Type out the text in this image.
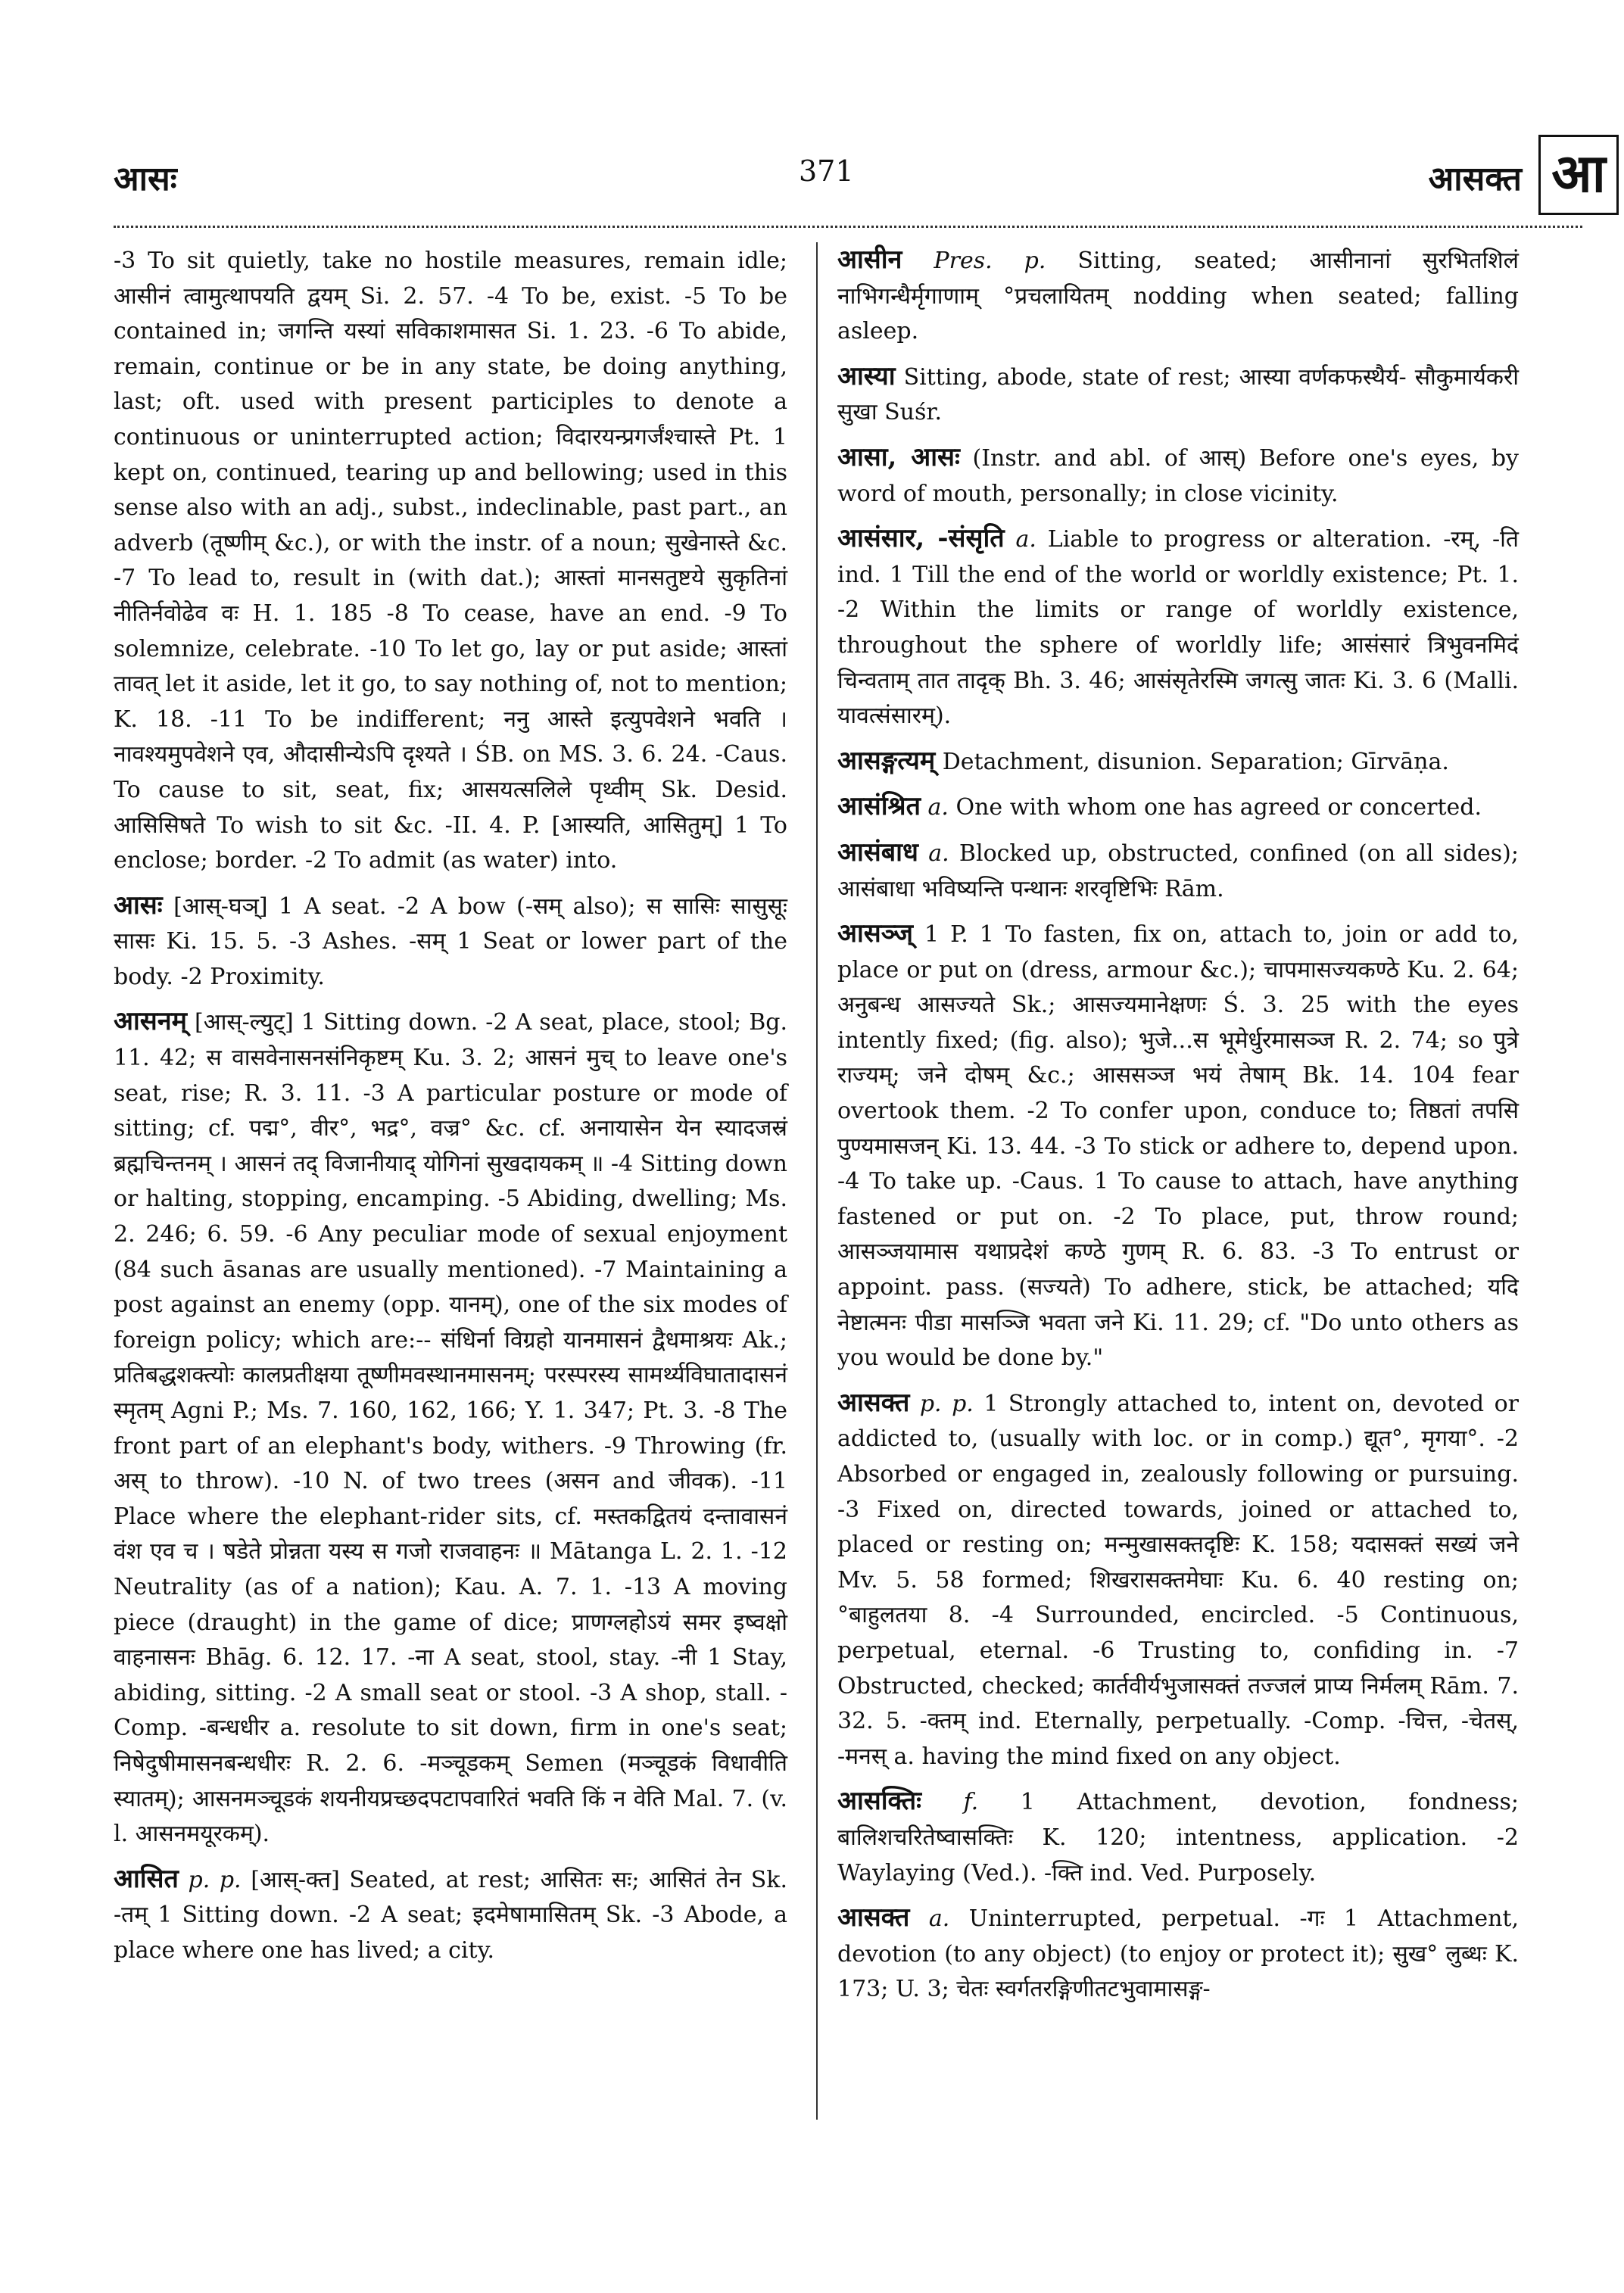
आसः	371	आसक्त आ

-3 To sit quietly, take no hostile measures, remain idle; आसीनं त्वामुत्थापयति द्वयम् Si. 2. 57. -4 To be, exist. -5 To be contained in; जगन्ति यस्यां सविकाशमासत Si. 1. 23. -6 To abide, remain, continue or be in any state, be doing anything, last; oft. used with present participles to denote a continuous or uninterrupted action; विदारयन्प्रगर्जंश्चास्ते Pt. 1 kept on, continued, tearing up and bellowing; used in this sense also with an adj., subst., indeclinable, past part., an adverb (तूष्णीम् &c.), or with the instr. of a noun; सुखेनास्ते &c. -7 To lead to, result in (with dat.); आस्तां मानसतुष्टये सुकृतिनां नीतिर्नवोढेव वः H. 1. 185 -8 To cease, have an end. -9 To solemnize, celebrate. -10 To let go, lay or put aside; आस्तां तावत् let it aside, let it go, to say nothing of, not to mention; K. 18. -11 To be indifferent; ननु आस्ते इत्युपवेशने भवति । नावश्यमुपवेशने एव, औदासीन्येऽपि दृश्यते । ŚB. on MS. 3. 6. 24. -Caus. To cause to sit, seat, fix; आसयत्सलिले पृथ्वीम् Sk. Desid. आसिसिषते To wish to sit &c. -II. 4. P. [आस्यति, आसितुम्] 1 To enclose; border. -2 To admit (as water) into.

आसः [आस्-घञ्] 1 A seat. -2 A bow (-सम् also); स सासिः सासुसूः सासः Ki. 15. 5. -3 Ashes. -सम् 1 Seat or lower part of the body. -2 Proximity.

आसनम् [आस्-ल्युट्] 1 Sitting down. -2 A seat, place, stool; Bg. 11. 42; स वासवेनासनसंनिकृष्टम् Ku. 3. 2; आसनं मुच् to leave one's seat, rise; R. 3. 11. -3 A particular posture or mode of sitting; cf. पद्म°, वीर°, भद्र°, वज्र° &c. cf. अनायासेन येन स्यादजस्रं ब्रह्मचिन्तनम् । आसनं तद् विजानीयाद् योगिनां सुखदायकम् ॥ -4 Sitting down or halting, stopping, encamping. -5 Abiding, dwelling; Ms. 2. 246; 6. 59. -6 Any peculiar mode of sexual enjoyment (84 such āsanas are usually mentioned). -7 Maintaining a post against an enemy (opp. यानम्), one of the six modes of foreign policy; which are:-- संधिर्ना विग्रहो यानमासनं द्वैधमाश्रयः Ak.; प्रतिबद्धशक्त्योः कालप्रतीक्षया तूष्णीमवस्थानमासनम्; परस्परस्य सामर्थ्यविघातादासनं स्मृतम् Agni P.; Ms. 7. 160, 162, 166; Y. 1. 347; Pt. 3. -8 The front part of an elephant's body, withers. -9 Throwing (fr. अस् to throw). -10 N. of two trees (असन and जीवक). -11 Place where the elephant-rider sits, cf. मस्तकद्वितयं दन्तावासनं वंश एव च । षडेते प्रोन्नता यस्य स गजो राजवाहनः ॥ Mātanga L. 2. 1. -12 Neutrality (as of a nation); Kau. A. 7. 1. -13 A moving piece (draught) in the game of dice; प्राणग्लहोऽयं समर इष्वक्षो वाहनासनः Bhāg. 6. 12. 17. -ना A seat, stool, stay. -नी 1 Stay, abiding, sitting. -2 A small seat or stool. -3 A shop, stall. -Comp. -बन्धधीर a. resolute to sit down, firm in one's seat; निषेदुषीमासनबन्धधीरः R. 2. 6. -मञ्चूडकम् Semen (मञ्चूडकं विधावीति स्यातम्); आसनमञ्चूडकं शयनीयप्रच्छदपटापवारितं भवति किं न वेति Mal. 7. (v. l. आसनमयूरकम्).

आसित p. p. [आस्-क्त] Seated, at rest; आसितः सः; आसितं तेन Sk. -तम् 1 Sitting down. -2 A seat; इदमेषामासितम् Sk. -3 Abode, a place where one has lived; a city.

आसीन Pres. p. Sitting, seated; आसीनानां सुरभितशिलं नाभिगन्धैर्मृगाणाम् °प्रचलायितम् nodding when seated; falling asleep.

आस्या Sitting, abode, state of rest; आस्या वर्णकफस्थैर्य- सौकुमार्यकरी सुखा Suśr.

आसा, आसः (Instr. and abl. of आस्) Before one's eyes, by word of mouth, personally; in close vicinity.

आसंसार, -संसृति a. Liable to progress or alteration. -रम्, -ति ind. 1 Till the end of the world or worldly existence; Pt. 1. -2 Within the limits or range of worldly existence, throughout the sphere of worldly life; आसंसारं त्रिभुवनमिदं चिन्वताम् तात तादृक् Bh. 3. 46; आसंसृतेरस्मि जगत्सु जातः Ki. 3. 6 (Malli. यावत्संसारम्).

आसङ्गत्यम् Detachment, disunion. Separation; Gīrvāṇa.

आसंश्रित a. One with whom one has agreed or concerted.

आसंबाध a. Blocked up, obstructed, confined (on all sides); आसंबाधा भविष्यन्ति पन्थानः शरवृष्टिभिः Rām.

आसञ्ज् 1 P. 1 To fasten, fix on, attach to, join or add to, place or put on (dress, armour &c.); चापमासज्यकण्ठे Ku. 2. 64; अनुबन्ध आसज्यते Sk.; आसज्यमानेक्षणः Ś. 3. 25 with the eyes intently fixed; (fig. also); भुजे...स भूमेर्धुरमासञ्ज R. 2. 74; so पुत्रे राज्यम्; जने दोषम् &c.; आससञ्ज भयं तेषाम् Bk. 14. 104 fear overtook them. -2 To confer upon, conduce to; तिष्ठतां तपसि पुण्यमासजन् Ki. 13. 44. -3 To stick or adhere to, depend upon. -4 To take up. -Caus. 1 To cause to attach, have anything fastened or put on. -2 To place, put, throw round; आसञ्जयामास यथाप्रदेशं कण्ठे गुणम् R. 6. 83. -3 To entrust or appoint. pass. (सज्यते) To adhere, stick, be attached; यदि नेष्टात्मनः पीडा मासञ्जि भवता जने Ki. 11. 29; cf. "Do unto others as you would be done by."

आसक्त p. p. 1 Strongly attached to, intent on, devoted or addicted to, (usually with loc. or in comp.) द्यूत°, मृगया°. -2 Absorbed or engaged in, zealously following or pursuing. -3 Fixed on, directed towards, joined or attached to, placed or resting on; मन्मुखासक्तदृष्टिः K. 158; यदासक्तं सख्यं जने Mv. 5. 58 formed; शिखरासक्तमेघाः Ku. 6. 40 resting on; °बाहुलतया 8. -4 Surrounded, encircled. -5 Continuous, perpetual, eternal. -6 Trusting to, confiding in. -7 Obstructed, checked; कार्तवीर्यभुजासक्तं तज्जलं प्राप्य निर्मलम् Rām. 7. 32. 5. -क्तम् ind. Eternally, perpetually. -Comp. -चित्त, -चेतस्, -मनस् a. having the mind fixed on any object.

आसक्तिः f. 1 Attachment, devotion, fondness; बालिशचरितेष्वासक्तिः K. 120; intentness, application. -2 Waylaying (Ved.). -क्ति ind. Ved. Purposely.

आसक्त a. Uninterrupted, perpetual. -गः 1 Attachment, devotion (to any object) (to enjoy or protect it); सुख° लुब्धः K. 173; U. 3; चेतः स्वर्गतरङ्गिणीतटभुवामासङ्ग-
